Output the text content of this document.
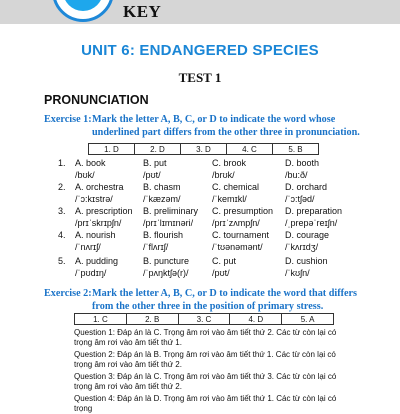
KEY
UNIT 6: ENDANGERED SPECIES
TEST 1
PRONUNCIATION
Exercise 1: Mark the letter A, B, C, or D to indicate the word whose underlined part differs from the other three in pronunciation.
1. D	2. D	3. D	4. C	5. B
1. A. book	B. put	C. brook	D. booth
/bʊk/	/pʊt/	/brʊk/	/bu:ð/
2. A. orchestra B. chasm	C. chemical	D. orchard
/ˈɔ:kɪstrə/	/ˈkæzəm/	/ˈkemɪkl/	/ˈɔ:tʃəd/
3. A. prescription B. preliminary C. presumption D. preparation
/prɪˈskrɪpʃn/ /prɪˈlɪmɪnəri/ /prɪˈzʌmpʃn/	/ˌprepəˈreɪʃn/
4. A. nourish	B. flourish	C. tournament D. courage
/ˈnʌrɪʃ/	/ˈflʌrɪʃ/	/ˈtʊənəmənt/ /ˈkʌrɪdʒ/
5. A. pudding	B. puncture	C. put	D. cushion
/ˈpʊdɪŋ/	/ˈpʌŋktʃə(r)/	/pʊt/	/ˈkʊʃn/
Exercise 2: Mark the letter A, B, C, or D to indicate the word that differs from the other three in the position of primary stress.
1. C	2. B	3. C	4. D	5. A
Question 1: Đáp án là C. Trọng âm rơi vào âm tiết thứ 2. Các từ còn lại có trọng âm rơi vào âm tiết thứ 1.
Question 2: Đáp án là B. Trọng âm rơi vào âm tiết thứ 1. Các từ còn lại có trọng âm rơi vào âm tiết thứ 2.
Question 3: Đáp án là C. Trọng âm rơi vào âm tiết thứ 3. Các từ còn lại có trọng âm rơi vào âm tiết thứ 2.
Question 4: Đáp án là D. Trọng âm rơi vào âm tiết thứ 1. Các từ còn lại có trọng
